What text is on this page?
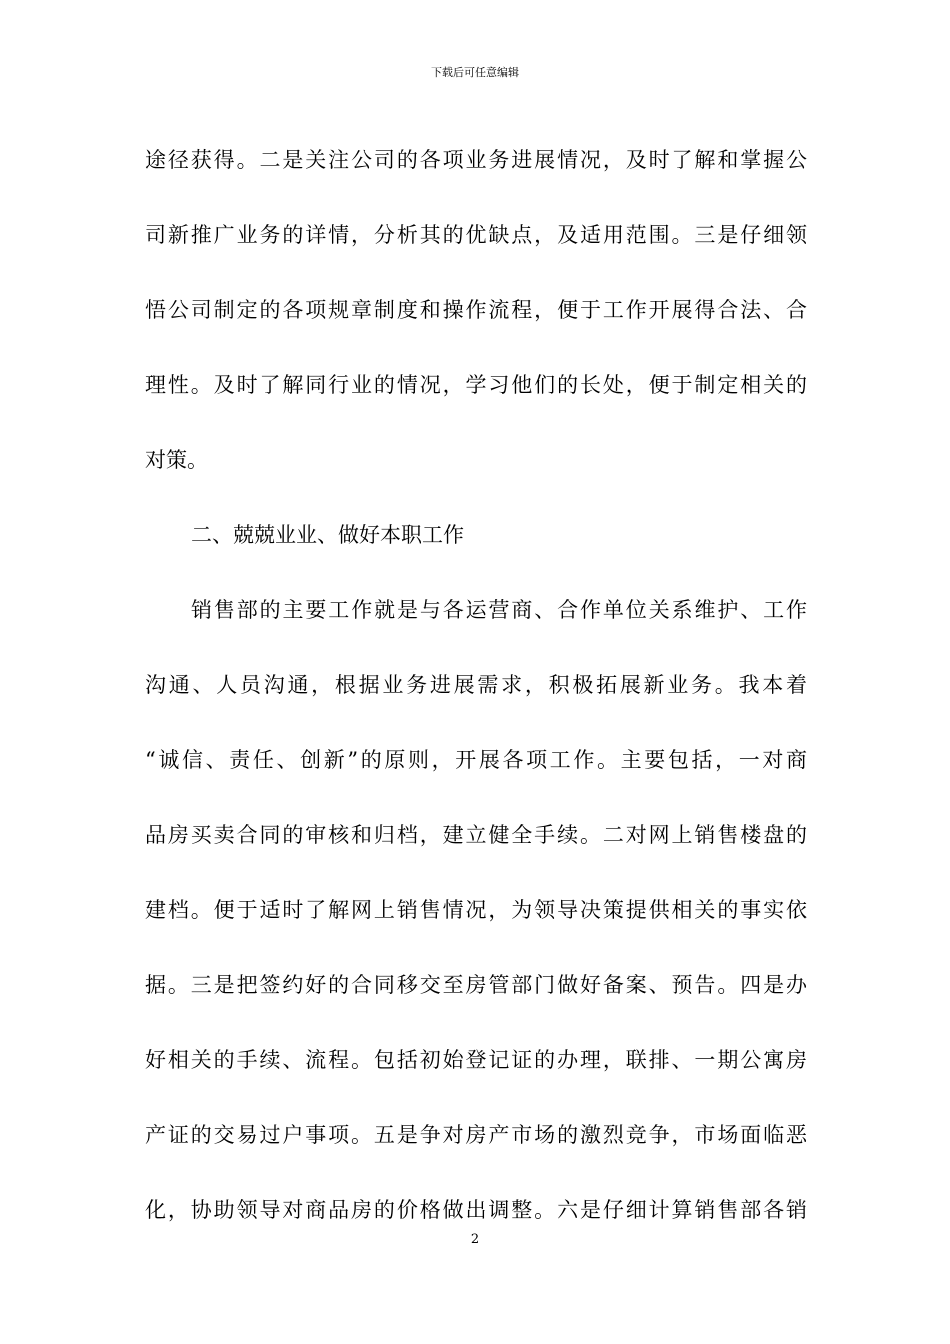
下载后可任意编辑
途径获得。二是关注公司的各项业务进展情况，及时了解和掌握公
司新推广业务的详情，分析其的优缺点，及适用范围。三是仔细领
悟公司制定的各项规章制度和操作流程，便于工作开展得合法、合
理性。及时了解同行业的情况，学习他们的长处，便于制定相关的
对策。
二、兢兢业业、做好本职工作
销售部的主要工作就是与各运营商、合作单位关系维护、工作
沟通、人员沟通，根据业务进展需求，积极拓展新业务。我本着
“诚信、责任、创新”的原则，开展各项工作。主要包括，一对商
品房买卖合同的审核和归档，建立健全手续。二对网上销售楼盘的
建档。便于适时了解网上销售情况，为领导决策提供相关的事实依
据。三是把签约好的合同移交至房管部门做好备案、预告。四是办
好相关的手续、流程。包括初始登记证的办理，联排、一期公寓房
产证的交易过户事项。五是争对房产市场的激烈竞争，市场面临恶
化，协助领导对商品房的价格做出调整。六是仔细计算销售部各销
2
